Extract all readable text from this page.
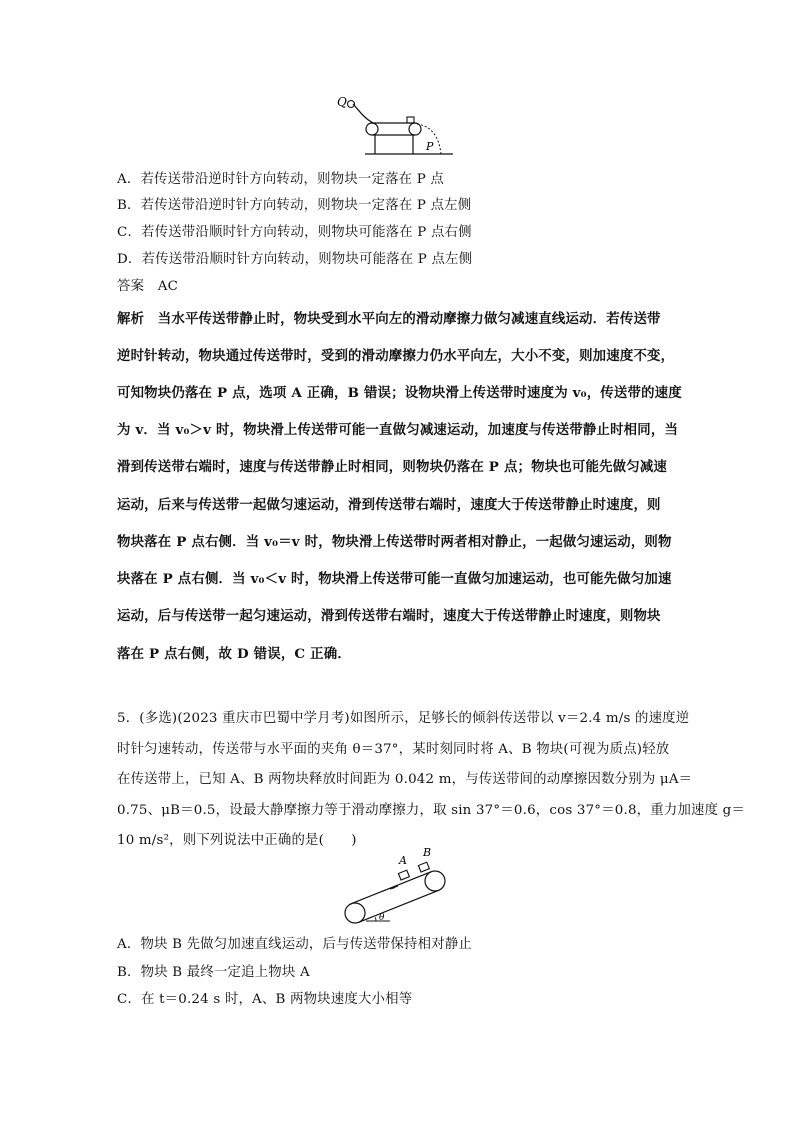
Q
P
A．若传送带沿逆时针方向转动，则物块一定落在 P 点
B．若传送带沿逆时针方向转动，则物块一定落在 P 点左侧
C．若传送带沿顺时针方向转动，则物块可能落在 P 点右侧
D．若传送带沿顺时针方向转动，则物块可能落在 P 点左侧
答案　AC
解析　当水平传送带静止时，物块受到水平向左的滑动摩擦力做匀减速直线运动．若传送带
逆时针转动，物块通过传送带时，受到的滑动摩擦力仍水平向左，大小不变，则加速度不变，
可知物块仍落在 P 点，选项 A 正确，B 错误；设物块滑上传送带时速度为 v₀，传送带的速度
为 v．当 v₀＞v 时，物块滑上传送带可能一直做匀减速运动，加速度与传送带静止时相同，当
滑到传送带右端时，速度与传送带静止时相同，则物块仍落在 P 点；物块也可能先做匀减速
运动，后来与传送带一起做匀速运动，滑到传送带右端时，速度大于传送带静止时速度，则
物块落在 P 点右侧．当 v₀＝v 时，物块滑上传送带时两者相对静止，一起做匀速运动，则物
块落在 P 点右侧．当 v₀＜v 时，物块滑上传送带可能一直做匀加速运动，也可能先做匀加速
运动，后与传送带一起匀速运动，滑到传送带右端时，速度大于传送带静止时速度，则物块
落在 P 点右侧，故 D 错误，C 正确．
5．(多选)(2023 重庆市巴蜀中学月考)如图所示，足够长的倾斜传送带以 v＝2.4 m/s 的速度逆
时针匀速转动，传送带与水平面的夹角 θ＝37°，某时刻同时将 A、B 物块(可视为质点)轻放
在传送带上，已知 A、B 两物块释放时间距为 0.042 m，与传送带间的动摩擦因数分别为 μA＝
0.75、μB＝0.5，设最大静摩擦力等于滑动摩擦力，取 sin 37°＝0.6，cos 37°＝0.8，重力加速度 g＝
10 m/s²，则下列说法中正确的是(　　)
A
B
θ
A．物块 B 先做匀加速直线运动，后与传送带保持相对静止
B．物块 B 最终一定追上物块 A
C．在 t＝0.24 s 时，A、B 两物块速度大小相等
